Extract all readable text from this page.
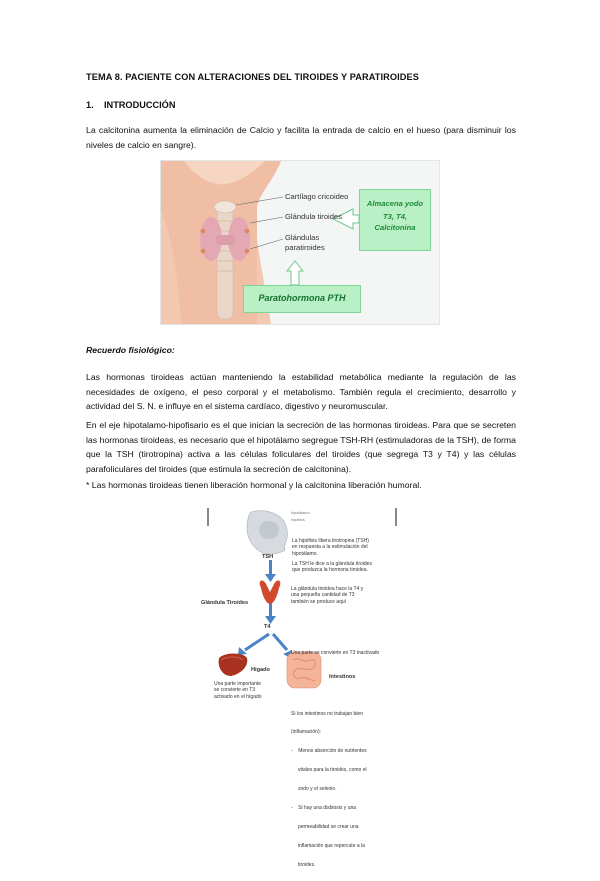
TEMA 8. PACIENTE CON ALTERACIONES DEL TIROIDES Y PARATIROIDES
1. INTRODUCCIÓN
La calcitonina aumenta la eliminación de Calcio y facilita la entrada de calcio en el hueso (para disminuir los niveles de calcio en sangre).
Cartílago cricoideo
Glándula tiroides
Glándulas
paratiroides
Almacena yodo
T3, T4,
Calcitonina
Paratohormona PTH
Recuerdo fisiológico:
Las hormonas tiroideas actúan manteniendo la estabilidad metabólica mediante la regulación de las necesidades de oxígeno, el peso corporal y el metabolismo. También regula el crecimiento, desarrollo y actividad del S. N. e influye en el sistema cardíaco, digestivo y neuromuscular.
En el eje hipotalamo-hipofisario es el que inician la secreción de las hormonas tiroideas. Para que se secreten las hormonas tiroideas, es necesario que el hipotálamo segregue TSH-RH (estimuladoras de la TSH), de forma que la TSH (tirotropina) activa a las células foliculares del tiroides (que segrega T3 y T4) y las células parafoliculares del tiroides (que estimula la secreción de calcitonina).
* Las hormonas tiroideas tienen liberación hormonal y la calcitonina liberación humoral.
hipotálamo
hipófisis
La hipófisis libera tirotropina (TSH)
en respuesta a la estimulación del
hipotálamo.
TSH
La TSH le dice a la glándula tiroides
que produzca la hormona tiroidea.
La glándula tiroidea hace la T4 y
una pequeña cantidad de T3
también se produce aquí
Glándula Tiroides
T4
Una parte se convierte en T3 inactivado
Hígado
Intestinos
Una parte importante
se convierte en T3
activado en el hígado

Si los intestinos no trabajan bien

(inflamación):

-    Menos absorción de nutrientes

vitales para la tiroides, como el

zodo y el selenio.

-    Si hay una disbiosis y una

permeabilidad se crear una

inflamación que repercute a la

tiroides.
